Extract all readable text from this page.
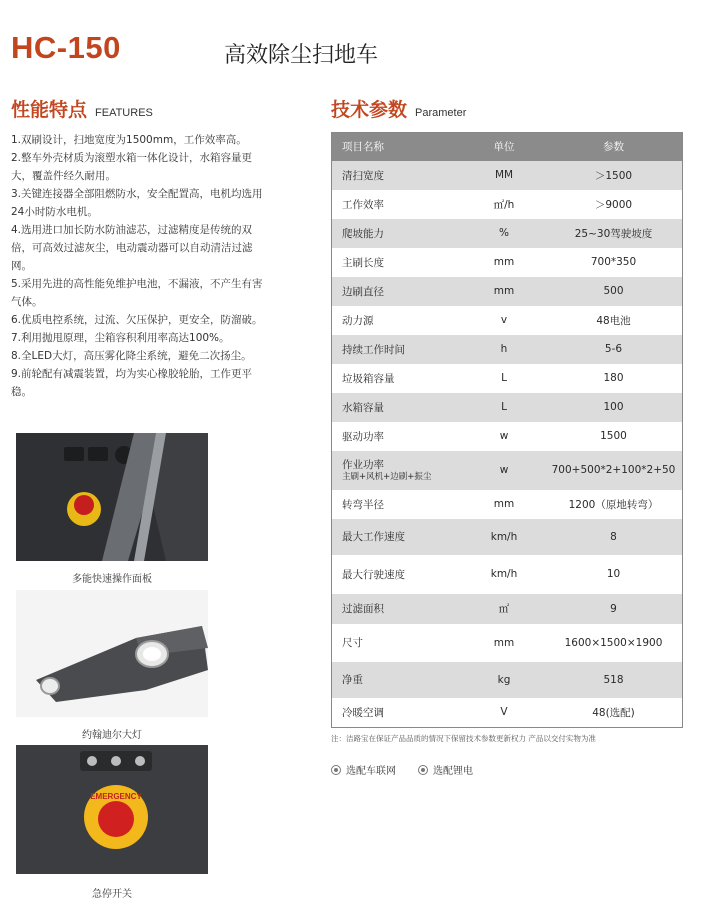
HC-150	高效除尘扫地车
性能特点 FEATURES
1.双刷设计，扫地宽度为1500mm，工作效率高。
2.整车外壳材质为滚塑水箱一体化设计，水箱容量更大，覆盖件经久耐用。
3.关键连接器全部阻燃防水，安全配置高，电机均选用24小时防水电机。
4.选用进口加长防水防油滤芯，过滤精度是传统的双倍，可高效过滤灰尘，电动震动器可以自动清洁过滤网。
5.采用先进的高性能免维护电池，不漏液，不产生有害气体。
6.优质电控系统，过流、欠压保护，更安全，防溜破。
7.利用抛甩原理，尘箱容积利用率高达100%。
8.全LED大灯，高压雾化降尘系统，避免二次扬尘。
9.前轮配有减震装置，均为实心橡胶轮胎，工作更平稳。
多能快速操作面板
约翰迪尔大灯
EMERGENCY
急停开关
技术参数 Parameter
项目名称	单位	参数
清扫宽度	MM	＞1500
工作效率	㎡/h	＞9000
爬坡能力	%	25~30驾驶坡度
主刷长度	mm	700*350
边刷直径	mm	500
动力源	v	48电池
持续工作时间	h	5-6
垃圾箱容量	L	180
水箱容量	L	100
驱动功率	w	1500
作业功率
主刷+风机+边刷+振尘	w	700+500*2+100*2+50
转弯半径	mm	1200（原地转弯）
最大工作速度	km/h	8
最大行驶速度	km/h	10
过滤面积	㎡	9
尺寸	mm	1600×1500×1900
净重	kg	518
冷暖空调	V	48(选配)
注：洁路宝在保证产品品质的情况下保留技术参数更新权力 产品以交付实物为准
选配车联网	选配锂电
